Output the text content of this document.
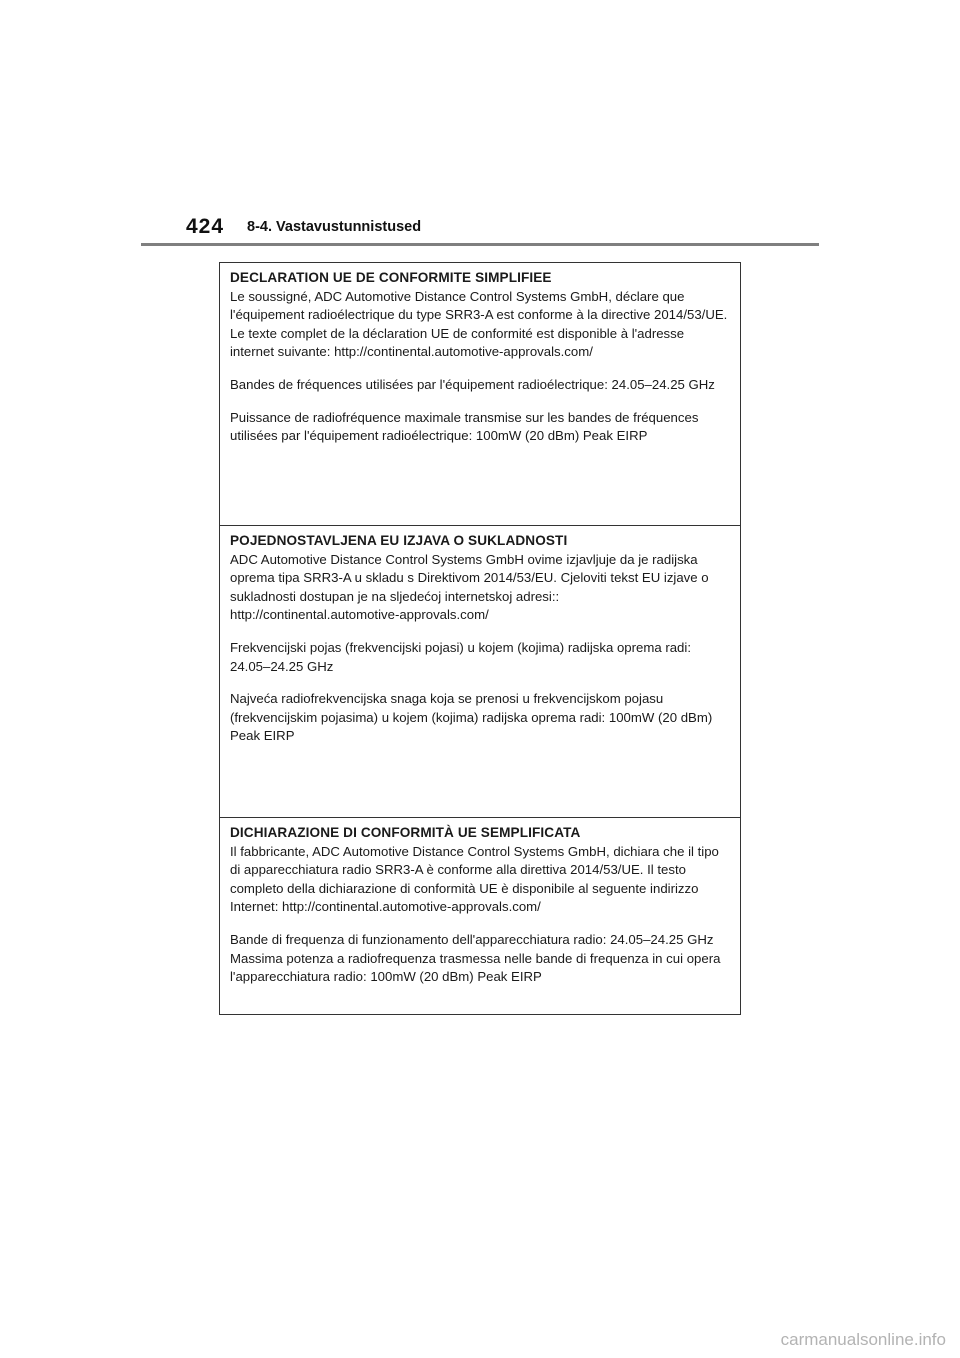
424 8-4. Vastavustunnistused

DECLARATION UE DE CONFORMITE SIMPLIFIEE

Le soussigné, ADC Automotive Distance Control Systems GmbH, déclare que l'équipement radioélectrique du type SRR3-A est conforme à la directive 2014/53/UE. Le texte complet de la déclaration UE de conformité est disponible à l'adresse internet suivante: http://continental.automotive-approvals.com/

Bandes de fréquences utilisées par l'équipement radioélectrique: 24.05–24.25 GHz

Puissance de radiofréquence maximale transmise sur les bandes de fréquences utilisées par l'équipement radioélectrique: 100mW (20 dBm) Peak EIRP

POJEDNOSTAVLJENA EU IZJAVA O SUKLADNOSTI

ADC Automotive Distance Control Systems GmbH ovime izjavljuje da je radijska oprema tipa SRR3-A u skladu s Direktivom 2014/53/EU. Cjeloviti tekst EU izjave o sukladnosti dostupan je na sljedećoj internetskoj adresi:: http://continental.automotive-approvals.com/

Frekvencijski pojas (frekvencijski pojasi) u kojem (kojima) radijska oprema radi: 24.05–24.25 GHz

Najveća radiofrekvencijska snaga koja se prenosi u frekvencijskom pojasu (frekvencijskim pojasima) u kojem (kojima) radijska oprema radi: 100mW (20 dBm) Peak EIRP

DICHIARAZIONE DI CONFORMITÀ UE SEMPLIFICATA

Il fabbricante, ADC Automotive Distance Control Systems GmbH, dichiara che il tipo di apparecchiatura radio SRR3-A è conforme alla direttiva 2014/53/UE. Il testo completo della dichiarazione di conformità UE è disponibile al seguente indirizzo Internet: http://continental.automotive-approvals.com/

Bande di frequenza di funzionamento dell'apparecchiatura radio: 24.05–24.25 GHz

Massima potenza a radiofrequenza trasmessa nelle bande di frequenza in cui opera l'apparecchiatura radio: 100mW (20 dBm) Peak EIRP

carmanualsonline.info
